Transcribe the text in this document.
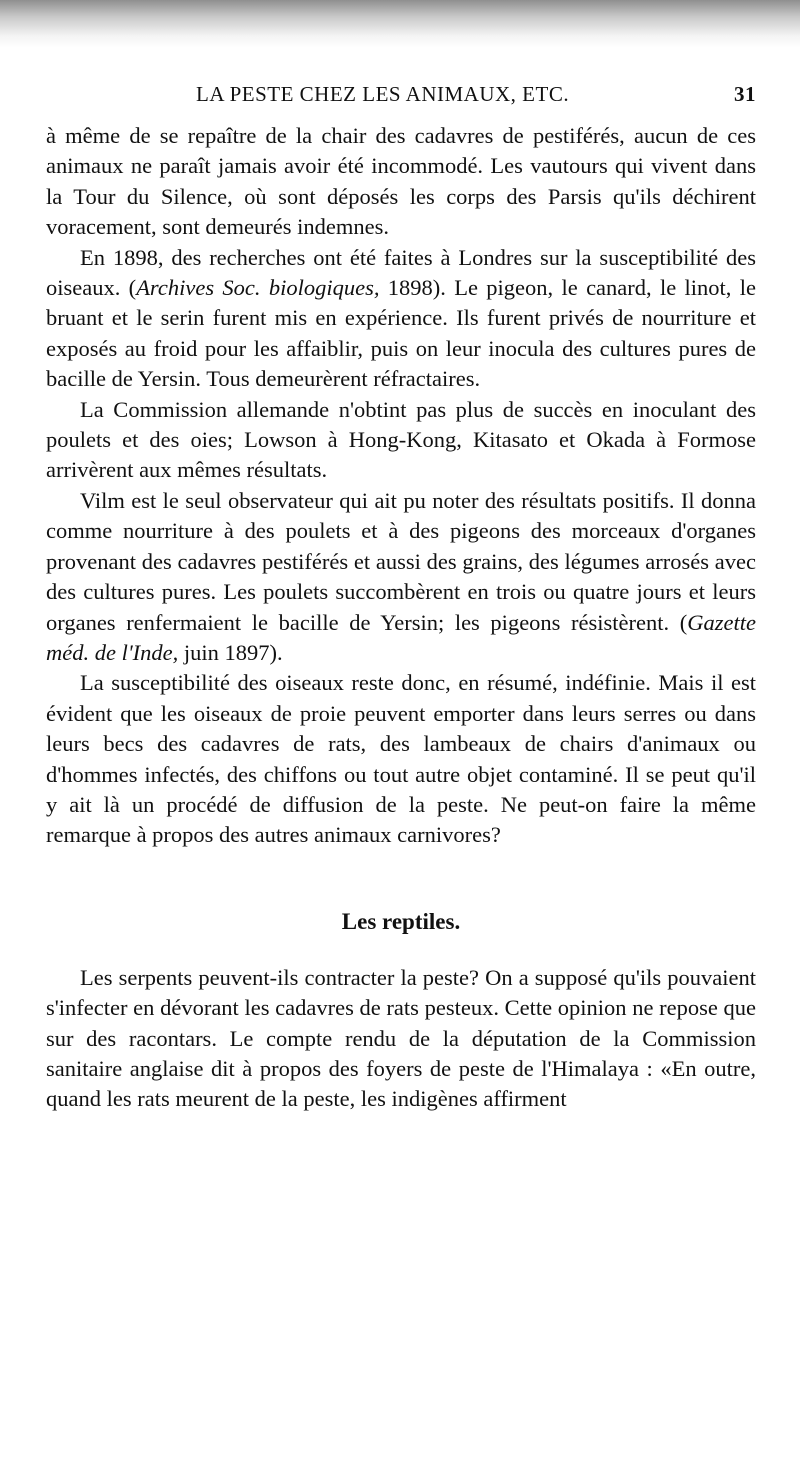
LA PESTE CHEZ LES ANIMAUX, ETC.	31

à même de se repaître de la chair des cadavres de pestiférés, aucun de ces animaux ne paraît jamais avoir été incommodé. Les vautours qui vivent dans la Tour du Silence, où sont déposés les corps des Parsis qu'ils déchirent voracement, sont demeurés indemnes.

En 1898, des recherches ont été faites à Londres sur la susceptibilité des oiseaux. (Archives Soc. biologiques, 1898). Le pigeon, le canard, le linot, le bruant et le serin furent mis en expérience. Ils furent privés de nourriture et exposés au froid pour les affaiblir, puis on leur inocula des cultures pures de bacille de Yersin. Tous demeurèrent réfractaires.

La Commission allemande n'obtint pas plus de succès en inoculant des poulets et des oies; Lowson à Hong-Kong, Kitasato et Okada à Formose arrivèrent aux mêmes résultats.

Vilm est le seul observateur qui ait pu noter des résultats positifs. Il donna comme nourriture à des poulets et à des pigeons des morceaux d'organes provenant des cadavres pestiférés et aussi des grains, des légumes arrosés avec des cultures pures. Les poulets succombèrent en trois ou quatre jours et leurs organes renfermaient le bacille de Yersin; les pigeons résistèrent. (Gazette méd. de l'Inde, juin 1897).

La susceptibilité des oiseaux reste donc, en résumé, indéfinie. Mais il est évident que les oiseaux de proie peuvent emporter dans leurs serres ou dans leurs becs des cadavres de rats, des lambeaux de chairs d'animaux ou d'hommes infectés, des chiffons ou tout autre objet contaminé. Il se peut qu'il y ait là un procédé de diffusion de la peste. Ne peut-on faire la même remarque à propos des autres animaux carnivores?

Les reptiles.

Les serpents peuvent-ils contracter la peste? On a supposé qu'ils pouvaient s'infecter en dévorant les cadavres de rats pesteux. Cette opinion ne repose que sur des racontars. Le compte rendu de la députation de la Commission sanitaire anglaise dit à propos des foyers de peste de l'Himalaya : «En outre, quand les rats meurent de la peste, les indigènes affirment
